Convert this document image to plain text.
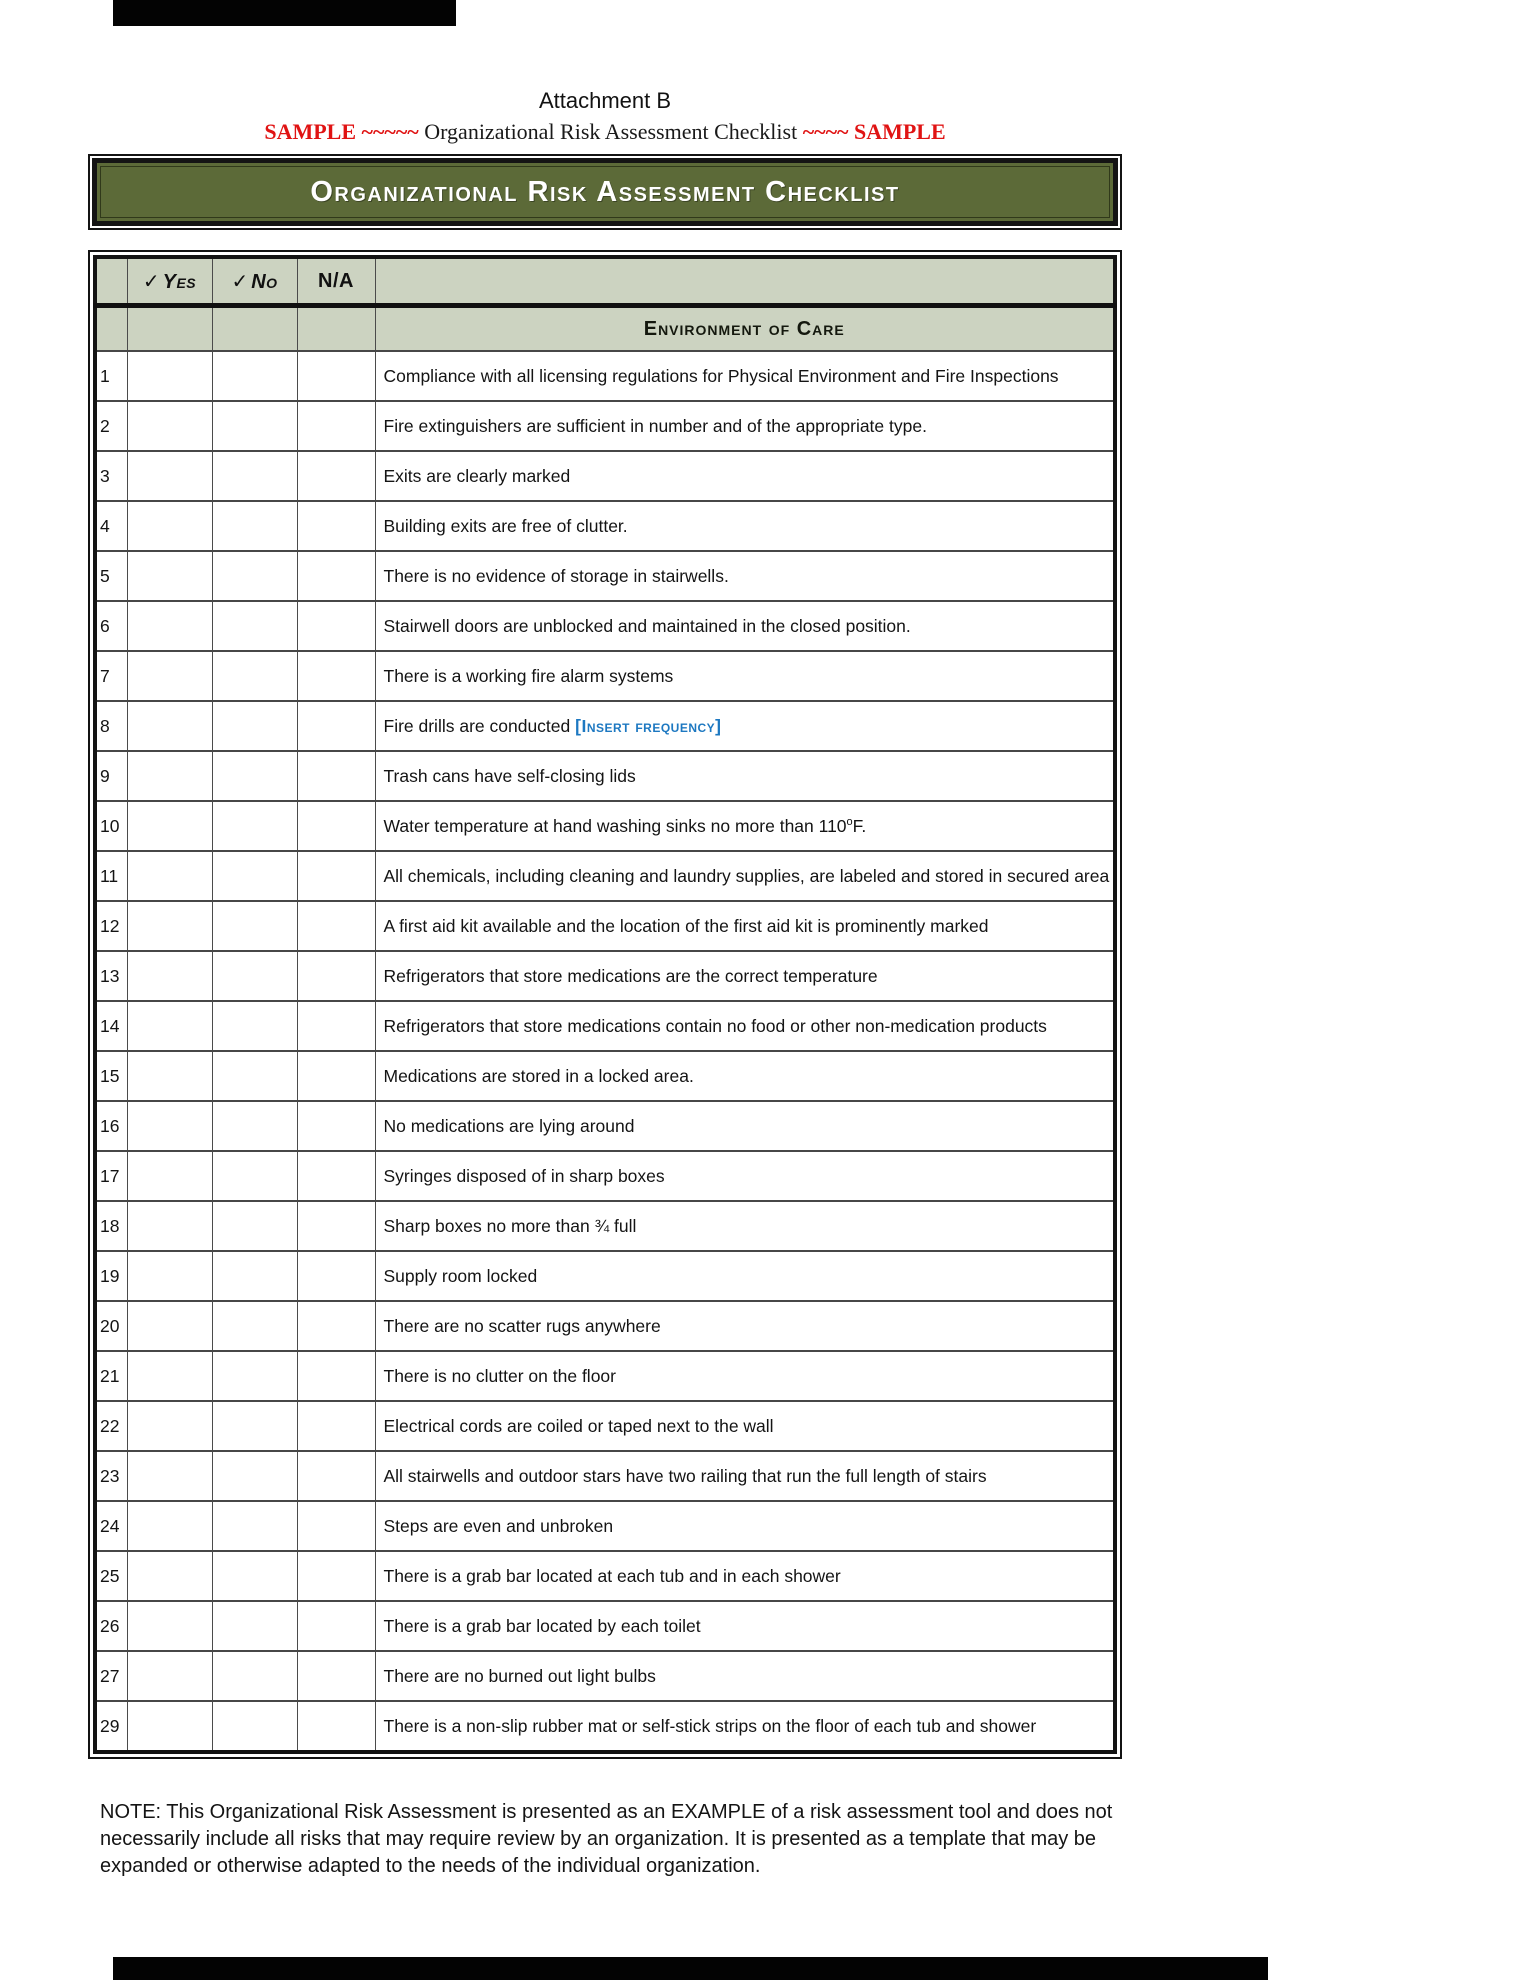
Attachment B
SAMPLE ~~~~~ Organizational Risk Assessment Checklist ~~~~ SAMPLE
Organizational Risk Assessment Checklist
	✓ Yes	✓ No	N/A	

				Environment of Care

1				Compliance with all licensing regulations for Physical Environment and Fire Inspections
2				Fire extinguishers are sufficient in number and of the appropriate type.
3				Exits are clearly marked
4				Building exits are free of clutter.
5				There is no evidence of storage in stairwells.
6				Stairwell doors are unblocked and maintained in the closed position.
7				There is a working fire alarm systems
8				Fire drills are conducted [Insert frequency]
9				Trash cans have self-closing lids
10				Water temperature at hand washing sinks no more than 110$^o$F.
11				All chemicals, including cleaning and laundry supplies, are labeled and stored in secured area
12				A first aid kit available and the location of the first aid kit is prominently marked
13				Refrigerators that store medications are the correct temperature
14				Refrigerators that store medications contain no food or other non-medication products
15				Medications are stored in a locked area.
16				No medications are lying around
17				Syringes disposed of in sharp boxes
18				Sharp boxes no more than ¾ full
19				Supply room locked
20				There are no scatter rugs anywhere
21				There is no clutter on the floor
22				Electrical cords are coiled or taped next to the wall
23				All stairwells and outdoor stars have two railing that run the full length of stairs
24				Steps are even and unbroken
25				There is a grab bar located at each tub and in each shower
26				There is a grab bar located by each toilet
27				There are no burned out light bulbs
29				There is a non-slip rubber mat or self-stick strips on the floor of each tub and shower
NOTE: This Organizational Risk Assessment is presented as an EXAMPLE of a risk assessment tool and does not
necessarily include all risks that may require review by an organization. It is presented as a template that may be
expanded or otherwise adapted to the needs of the individual organization.
